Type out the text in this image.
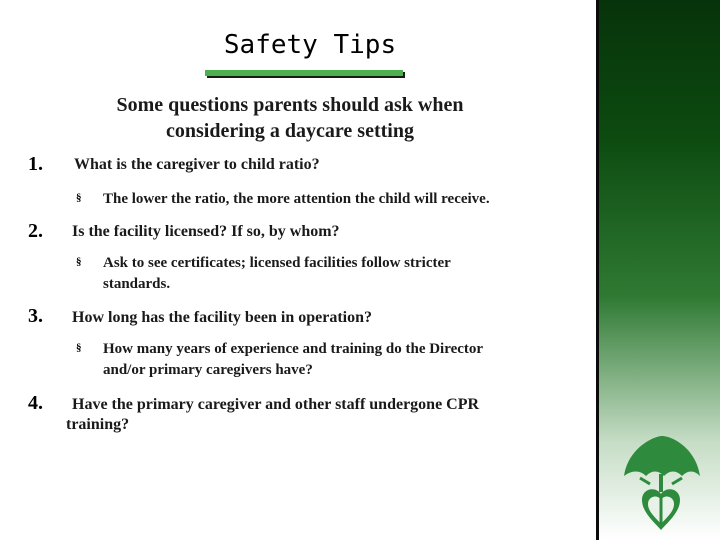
Safety Tips
Some questions parents should ask when
considering a daycare setting
1. What is the caregiver to child ratio?
§ The lower the ratio, the more attention the child will receive.
2. Is the facility licensed? If so, by whom?
§ Ask to see certificates; licensed facilities follow stricter
standards.
3. How long has the facility been in operation?
§ How many years of experience and training do the Director
and/or primary caregivers have?
4. Have the primary caregiver and other staff undergone CPR
training?
